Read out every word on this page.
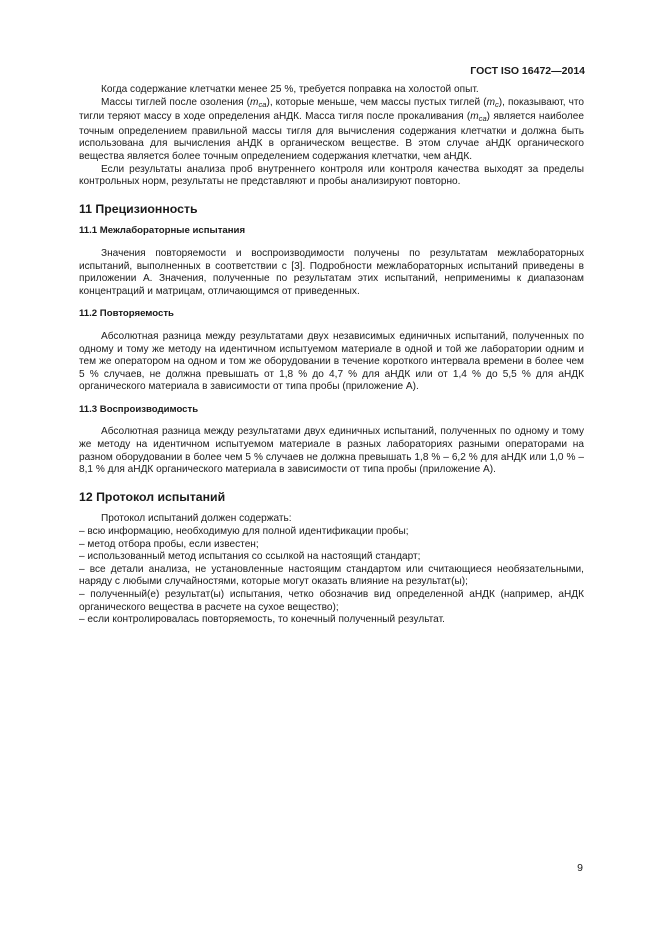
ГОСТ ISO 16472—2014

Когда содержание клетчатки менее 25 %, требуется поправка на холостой опыт.

Массы тиглей после озоления $(m_{ca})$, которые меньше, чем массы пустых тиглей $(m_c)$, показывают, что тигли теряют массу в ходе определения аНДК. Масса тигля после прокаливания $(m_{ca})$ является наиболее точным определением правильной массы тигля для вычисления содержания клетчатки и должна быть использована для вычисления аНДК в органическом веществе. В этом случае аНДК органического вещества является более точным определением содержания клетчатки, чем аНДК.

Если результаты анализа проб внутреннего контроля или контроля качества выходят за пределы контрольных норм, результаты не представляют и пробы анализируют повторно.

11 Прецизионность
11.1 Межлабораторные испытания

Значения повторяемости и воспроизводимости получены по результатам межлабораторных испытаний, выполненных в соответствии с [3]. Подробности межлабораторных испытаний приведены в приложении А. Значения, полученные по результатам этих испытаний, неприменимы к диапазонам концентраций и матрицам, отличающимся от приведенных.

11.2 Повторяемость

Абсолютная разница между результатами двух независимых единичных испытаний, полученных по одному и тому же методу на идентичном испытуемом материале в одной и той же лаборатории одним и тем же оператором на одном и том же оборудовании в течение короткого интервала времени в более чем 5 % случаев, не должна превышать от 1,8 % до 4,7 % для аНДК или от 1,4 % до 5,5 % для аНДК органического материала в зависимости от типа пробы (приложение А).

11.3 Воспроизводимость

Абсолютная разница между результатами двух единичных испытаний, полученных по одному и тому же методу на идентичном испытуемом материале в разных лабораториях разными операторами на разном оборудовании в более чем 5 % случаев не должна превышать 1,8 % – 6,2 % для аНДК или 1,0 % – 8,1 % для аНДК органического материала в зависимости от типа пробы (приложение А).

12 Протокол испытаний

Протокол испытаний должен содержать:

– всю информацию, необходимую для полной идентификации пробы;

– метод отбора пробы, если известен;

– использованный метод испытания со ссылкой на настоящий стандарт;

– все детали анализа, не установленные настоящим стандартом или считающиеся необязательными, наряду с любыми случайностями, которые могут оказать влияние на результат(ы);

– полученный(е) результат(ы) испытания, четко обозначив вид определенной аНДК (например, аНДК органического вещества в расчете на сухое вещество);

– если контролировалась повторяемость, то конечный полученный результат.

9
